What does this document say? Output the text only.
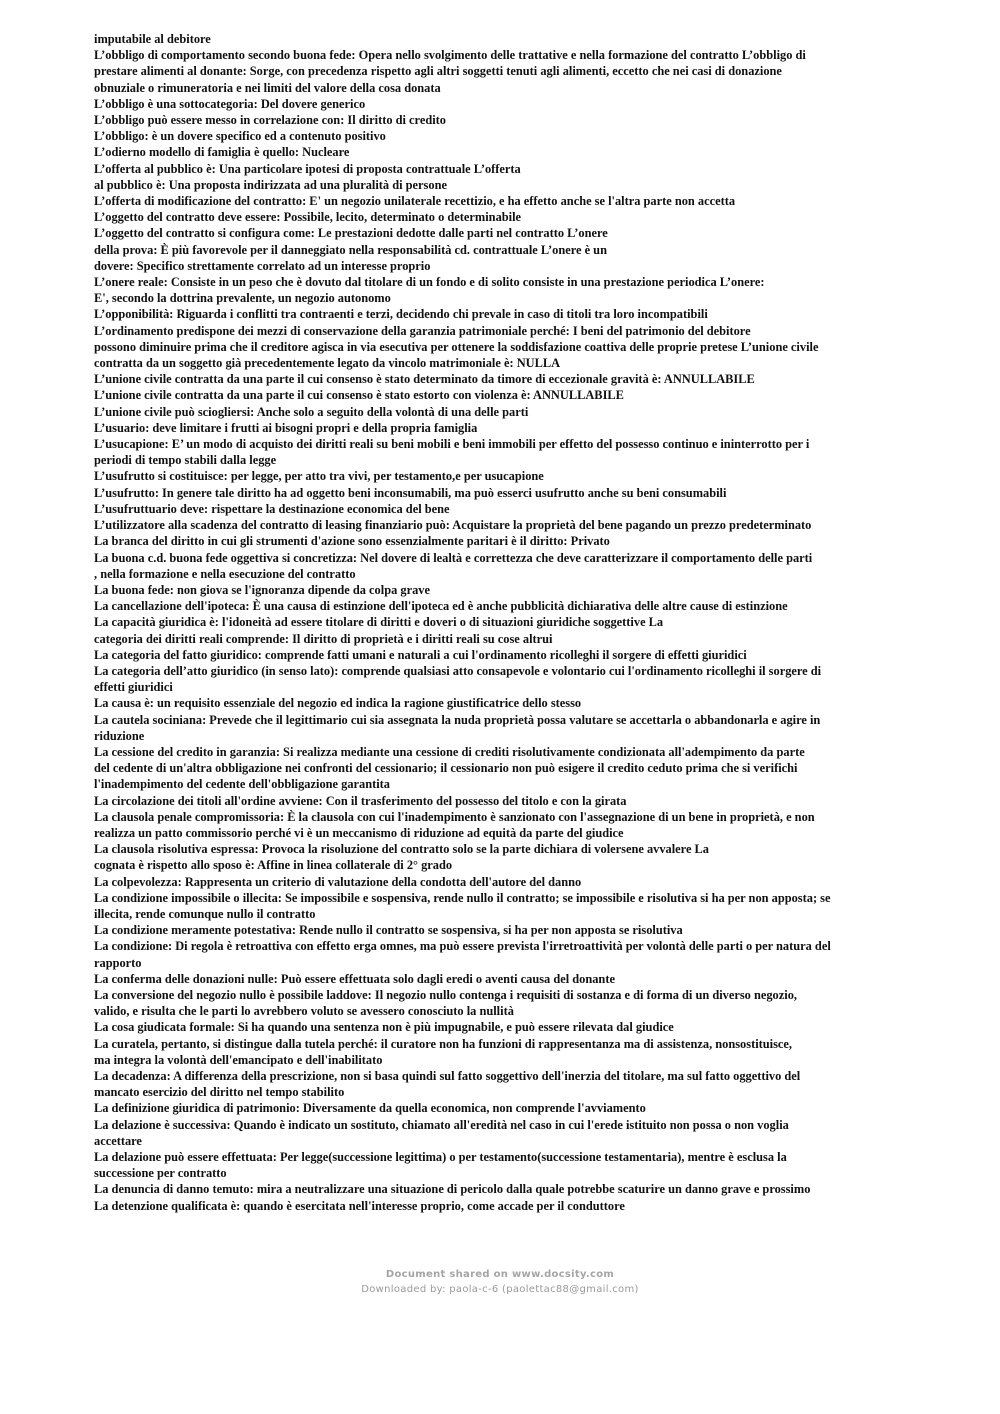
imputabile al debitore
L’obbligo di comportamento secondo buona fede: Opera nello svolgimento delle trattative e nella formazione del contratto L’obbligo di
prestare alimenti al donante: Sorge, con precedenza rispetto agli altri soggetti tenuti agli alimenti, eccetto che nei casi di donazione
obnuziale o rimuneratoria e nei limiti del valore della cosa donata
L’obbligo è una sottocategoria: Del dovere generico
L’obbligo può essere messo in correlazione con: Il diritto di credito
L’obbligo: è un dovere specifico ed a contenuto positivo
L’odierno modello di famiglia è quello: Nucleare
L’offerta al pubblico è: Una particolare ipotesi di proposta contrattuale L’offerta
al pubblico è: Una proposta indirizzata ad una pluralità di persone
L’offerta di modificazione del contratto: E' un negozio unilaterale recettizio, e ha effetto anche se l'altra parte non accetta
L’oggetto del contratto deve essere: Possibile, lecito, determinato o determinabile
L’oggetto del contratto si configura come: Le prestazioni dedotte dalle parti nel contratto L’onere
della prova: È più favorevole per il danneggiato nella responsabilità cd. contrattuale L’onere è un
dovere: Specifico strettamente correlato ad un interesse proprio
L’onere reale: Consiste in un peso che è dovuto dal titolare di un fondo e di solito consiste in una prestazione periodica L’onere:
E', secondo la dottrina prevalente, un negozio autonomo
L’opponibilità: Riguarda i conflitti tra contraenti e terzi, decidendo chi prevale in caso di titoli tra loro incompatibili
L’ordinamento predispone dei mezzi di conservazione della garanzia patrimoniale perché: I beni del patrimonio del debitore
possono diminuire prima che il creditore agisca in via esecutiva per ottenere la soddisfazione coattiva delle proprie pretese L’unione civile
contratta da un soggetto già precedentemente legato da vincolo matrimoniale è: NULLA
L’unione civile contratta da una parte il cui consenso è stato determinato da timore di eccezionale gravità è: ANNULLABILE
L’unione civile contratta da una parte il cui consenso è stato estorto con violenza è: ANNULLABILE
L’unione civile può sciogliersi: Anche solo a seguito della volontà di una delle parti
L’usuario: deve limitare i frutti ai bisogni propri e della propria famiglia
L’usucapione: E’ un modo di acquisto dei diritti reali su beni mobili e beni immobili per effetto del possesso continuo e ininterrotto per i
periodi di tempo stabili dalla legge
L’usufrutto si costituisce: per legge, per atto tra vivi, per testamento,e per usucapione
L’usufrutto: In genere tale diritto ha ad oggetto beni inconsumabili, ma può esserci usufrutto anche su beni consumabili
L’usufruttuario deve: rispettare la destinazione economica del bene
L’utilizzatore alla scadenza del contratto di leasing finanziario può: Acquistare la proprietà del bene pagando un prezzo predeterminato
La branca del diritto in cui gli strumenti d'azione sono essenzialmente paritari è il diritto: Privato
La buona c.d. buona fede oggettiva si concretizza: Nel dovere di lealtà e correttezza che deve caratterizzare il comportamento delle parti
, nella formazione e nella esecuzione del contratto
La buona fede: non giova se l'ignoranza dipende da colpa grave
La cancellazione dell'ipoteca: È una causa di estinzione dell'ipoteca ed è anche pubblicità dichiarativa delle altre cause di estinzione
La capacità giuridica è: l'idoneità ad essere titolare di diritti e doveri o di situazioni giuridiche soggettive La
categoria dei diritti reali comprende: Il diritto di proprietà e i diritti reali su cose altrui
La categoria del fatto giuridico: comprende fatti umani e naturali a cui l'ordinamento ricolleghi il sorgere di effetti giuridici
La categoria dell’atto giuridico (in senso lato): comprende qualsiasi atto consapevole e volontario cui l'ordinamento ricolleghi il sorgere di
effetti giuridici
La causa è: un requisito essenziale del negozio ed indica la ragione giustificatrice dello stesso
La cautela sociniana: Prevede che il legittimario cui sia assegnata la nuda proprietà possa valutare se accettarla o abbandonarla e agire in
riduzione
La cessione del credito in garanzia: Si realizza mediante una cessione di crediti risolutivamente condizionata all'adempimento da parte
del cedente di un'altra obbligazione nei confronti del cessionario; il cessionario non può esigere il credito ceduto prima che si verifichi
l'inadempimento del cedente dell'obbligazione garantita
La circolazione dei titoli all'ordine avviene: Con il trasferimento del possesso del titolo e con la girata
La clausola penale compromissoria: È la clausola con cui l'inadempimento è sanzionato con l'assegnazione di un bene in proprietà, e non
realizza un patto commissorio perché vi è un meccanismo di riduzione ad equità da parte del giudice
La clausola risolutiva espressa: Provoca la risoluzione del contratto solo se la parte dichiara di volersene avvalere La
cognata è rispetto allo sposo è: Affine in linea collaterale di 2° grado
La colpevolezza: Rappresenta un criterio di valutazione della condotta dell'autore del danno
La condizione impossibile o illecita: Se impossibile e sospensiva, rende nullo il contratto; se impossibile e risolutiva si ha per non apposta; se
illecita, rende comunque nullo il contratto
La condizione meramente potestativa: Rende nullo il contratto se sospensiva, si ha per non apposta se risolutiva
La condizione: Di regola è retroattiva con effetto erga omnes, ma può essere prevista l'irretroattività per volontà delle parti o per natura del
rapporto
La conferma delle donazioni nulle: Può essere effettuata solo dagli eredi o aventi causa del donante
La conversione del negozio nullo è possibile laddove: Il negozio nullo contenga i requisiti di sostanza e di forma di un diverso negozio,
valido, e risulta che le parti lo avrebbero voluto se avessero conosciuto la nullità
La cosa giudicata formale: Si ha quando una sentenza non è più impugnabile, e può essere rilevata dal giudice
La curatela, pertanto, si distingue dalla tutela perché: il curatore non ha funzioni di rappresentanza ma di assistenza, nonsostituisce,
ma integra la volontà dell'emancipato e dell'inabilitato
La decadenza: A differenza della prescrizione, non si basa quindi sul fatto soggettivo dell'inerzia del titolare, ma sul fatto oggettivo del
mancato esercizio del diritto nel tempo stabilito
La definizione giuridica di patrimonio: Diversamente da quella economica, non comprende l'avviamento
La delazione è successiva: Quando è indicato un sostituto, chiamato all'eredità nel caso in cui l'erede istituito non possa o non voglia
accettare
La delazione può essere effettuata: Per legge(successione legittima) o per testamento(successione testamentaria), mentre è esclusa la
successione per contratto
La denuncia di danno temuto: mira a neutralizzare una situazione di pericolo dalla quale potrebbe scaturire un danno grave e prossimo
La detenzione qualificata è: quando è esercitata nell'interesse proprio, come accade per il conduttore
Document shared on www.docsity.com
Downloaded by: paola-c-6 (paolettac88@gmail.com)
